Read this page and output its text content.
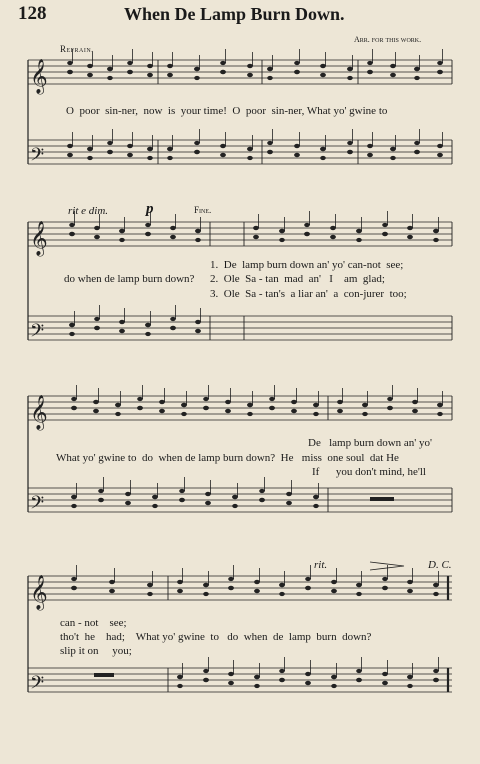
128	When De Lamp Burn Down.
Arr. for this work.
Refrain.
O  poor  sin-ner,  now  is  your time!  O  poor  sin-ner, What yo' gwine to
rit e dim.	p	Fine.
do when de lamp burn down?
1.  De  lamp burn down an' yo' can-not  see;
2.  Ole  Sa - tan  mad  an'   I    am  glad;
3.  Ole  Sa - tan's  a liar an'  a  con-jurer  too;
De   lamp burn down an' yo'
What yo' gwine to  do  when de lamp burn down?  He   miss  one soul  dat He
If      you don't mind, he'll
rit.	D. C.
can - not    see;
tho't  he    had;    What yo' gwine  to   do  when  de  lamp  burn  down?
slip it on     you;
𝄞
𝄢
𝄞
𝄢
𝄞
𝄢
𝄞
𝄢
